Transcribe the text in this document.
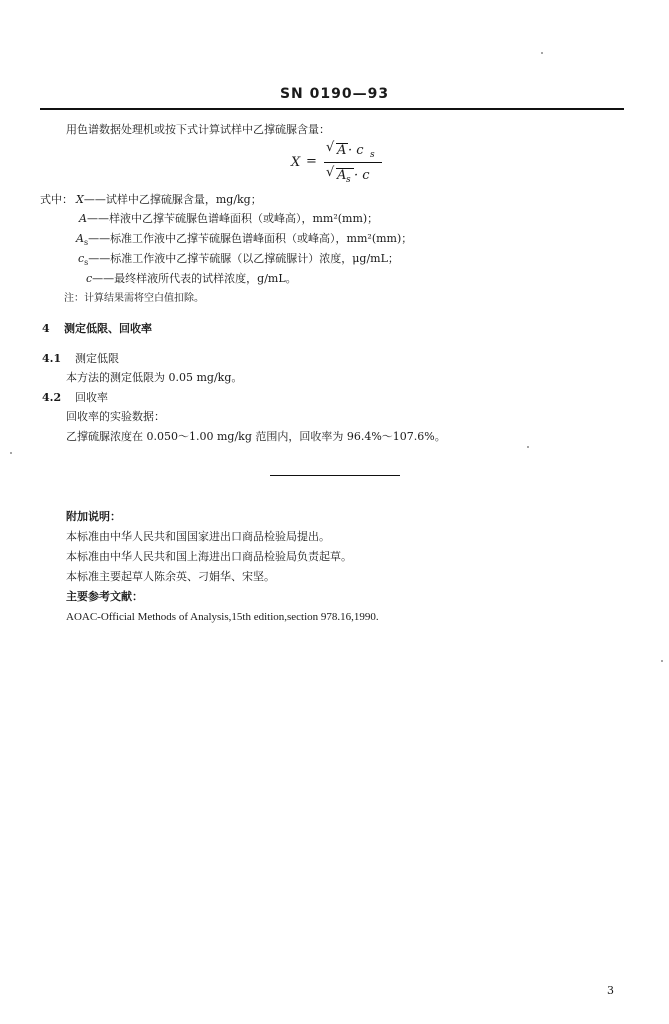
SN 0190—93
用色谱数据处理机或按下式计算试样中乙撑硫脲含量：
X =
√ A · c s
√ A s · c
式中： X——试样中乙撑硫脲含量，mg/kg；
A——样液中乙撑苄硫脲色谱峰面积（或峰高），mm²(mm)；
$A_s——$标准工作液中乙撑苄硫脲色谱峰面积（或峰高），mm²(mm)；
$c_s——$标准工作液中乙撑苄硫脲（以乙撑硫脲计）浓度，μg/mL；
c——最终样液所代表的试样浓度，g/mL。
注：计算结果需将空白值扣除。
4 测定低限、回收率
4.1 测定低限
本方法的测定低限为 0.05 mg/kg。
4.2 回收率
回收率的实验数据：
乙撑硫脲浓度在 0.050～1.00 mg/kg 范围内，回收率为 96.4%～107.6%。
附加说明：
本标准由中华人民共和国国家进出口商品检验局提出。
本标准由中华人民共和国上海进出口商品检验局负责起草。
本标准主要起草人陈余英、刁娟华、宋坚。
主要参考文献：
AOAC-Official Methods of Analysis,15th edition,section 978.16,1990.
3
